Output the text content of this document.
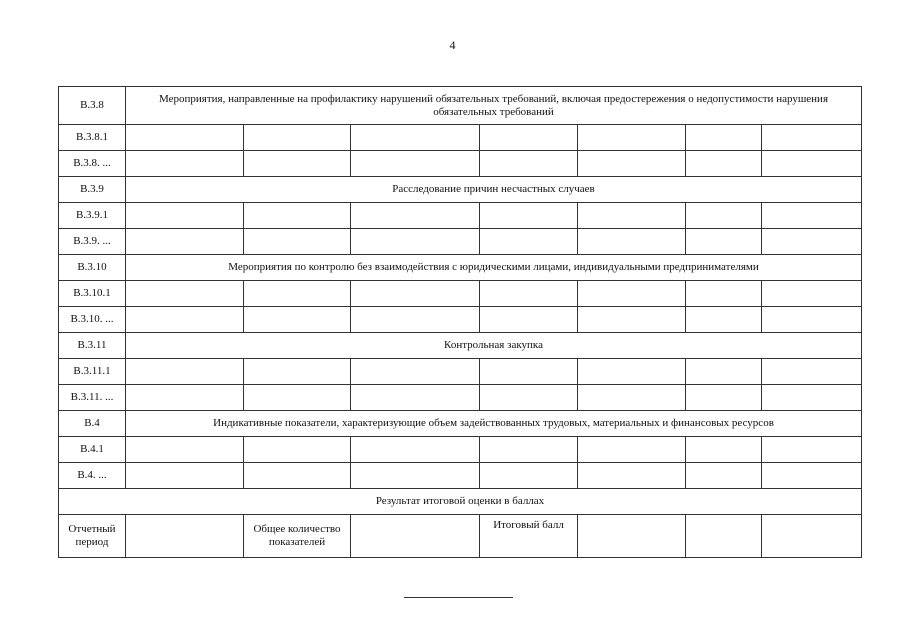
4
В.3.8	Мероприятия, направленные на профилактику нарушений обязательных требований, включая предостережения о недопустимости нарушения обязательных требований						
В.3.8.1							
В.3.8. ...							
В.3.9	Расследование причин несчастных случаев						
В.3.9.1							
В.3.9. ...							
В.3.10	Мероприятия по контролю без взаимодействия с юридическими лицами, индивидуальными предпринимателями						
В.3.10.1							
В.3.10. ...							
В.3.11	Контрольная закупка						
В.3.11.1							
В.3.11. ...							
В.4	Индикативные показатели, характеризующие объем задействованных трудовых, материальных и финансовых ресурсов						
В.4.1							
В.4. ...							
Результат итоговой оценки в баллах							
Отчетный период		Общее количество показателей		Итоговый балл			
